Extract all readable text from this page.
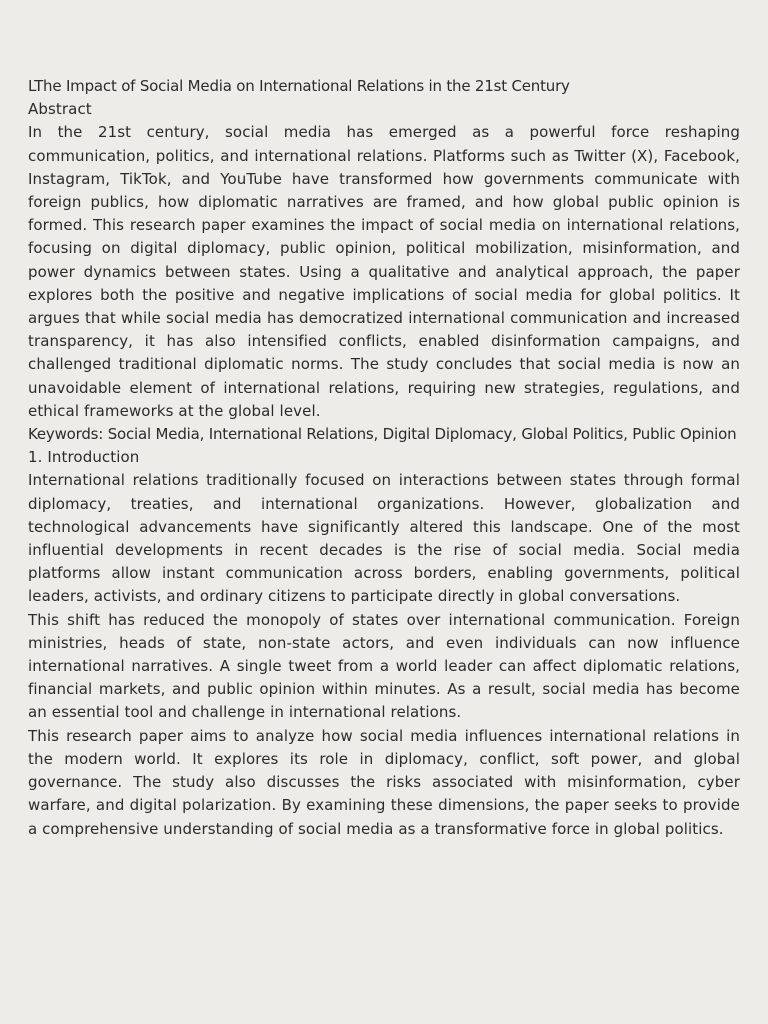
LThe Impact of Social Media on International Relations in the 21st Century
Abstract

In the 21st century, social media has emerged as a powerful force reshaping communication, politics, and international relations. Platforms such as Twitter (X), Facebook, Instagram, TikTok, and YouTube have transformed how governments communicate with foreign publics, how diplomatic narratives are framed, and how global public opinion is formed. This research paper examines the impact of social media on international relations, focusing on digital diplomacy, public opinion, political mobilization, misinformation, and power dynamics between states. Using a qualitative and analytical approach, the paper explores both the positive and negative implications of social media for global politics. It argues that while social media has democratized international communication and increased transparency, it has also intensified conflicts, enabled disinformation campaigns, and challenged traditional diplomatic norms. The study concludes that social media is now an unavoidable element of international relations, requiring new strategies, regulations, and ethical frameworks at the global level.

Keywords: Social Media, International Relations, Digital Diplomacy, Global Politics, Public Opinion

1. Introduction

International relations traditionally focused on interactions between states through formal diplomacy, treaties, and international organizations. However, globalization and technological advancements have significantly altered this landscape. One of the most influential developments in recent decades is the rise of social media. Social media platforms allow instant communication across borders, enabling governments, political leaders, activists, and ordinary citizens to participate directly in global conversations.

This shift has reduced the monopoly of states over international communication. Foreign ministries, heads of state, non-state actors, and even individuals can now influence international narratives. A single tweet from a world leader can affect diplomatic relations, financial markets, and public opinion within minutes. As a result, social media has become an essential tool and challenge in international relations.

This research paper aims to analyze how social media influences international relations in the modern world. It explores its role in diplomacy, conflict, soft power, and global governance. The study also discusses the risks associated with misinformation, cyber warfare, and digital polarization. By examining these dimensions, the paper seeks to provide a comprehensive understanding of social media as a transformative force in global politics.
